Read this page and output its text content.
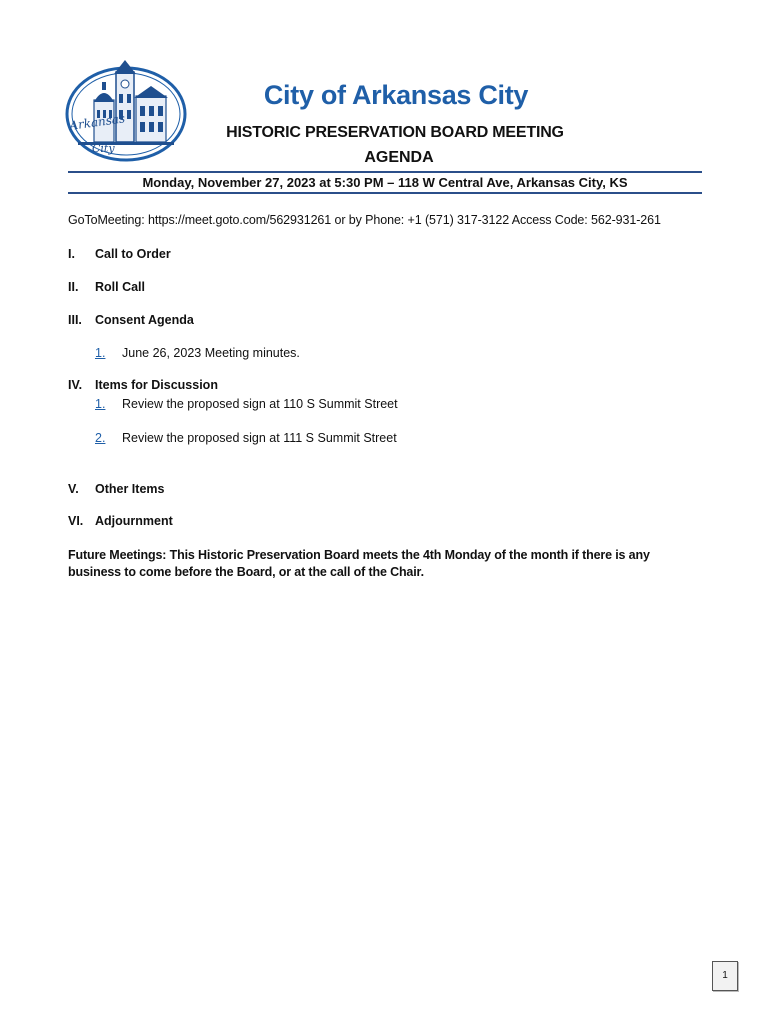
Arkansas
City
City of Arkansas City
HISTORIC PRESERVATION BOARD MEETING
AGENDA
Monday, November 27, 2023 at 5:30 PM – 118 W Central Ave, Arkansas City, KS
GoToMeeting: https://meet.goto.com/562931261 or by Phone: +1 (571) 317-3122 Access Code: 562-931-261
I. Call to Order
II. Roll Call
III. Consent Agenda
1. June 26, 2023 Meeting minutes.
IV. Items for Discussion
1. Review the proposed sign at 110 S Summit Street
2. Review the proposed sign at 111 S Summit Street
V. Other Items
VI. Adjournment
Future Meetings: This Historic Preservation Board meets the 4th Monday of the month if there is any business to come before the Board, or at the call of the Chair.
1
